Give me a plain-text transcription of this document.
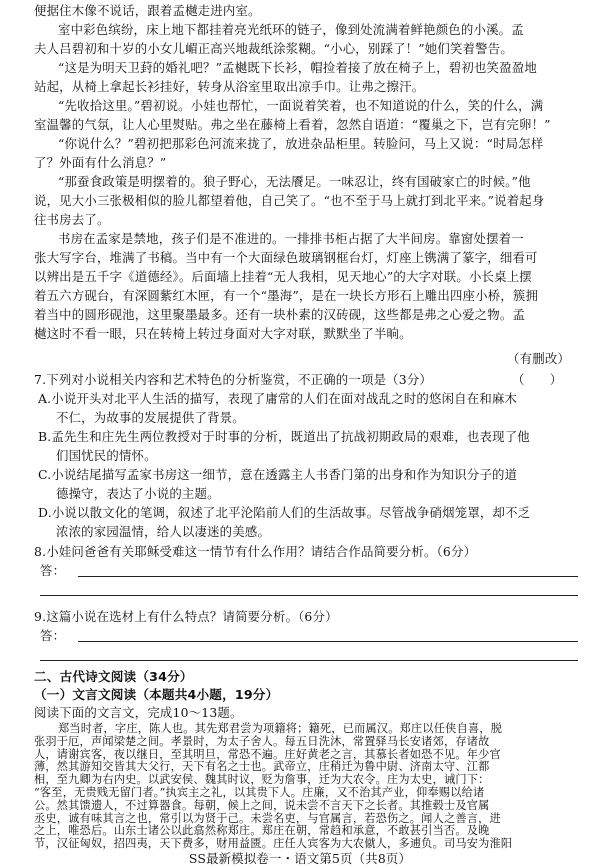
便据住木像不说话，跟着孟樾走进内室。
室中彩色缤纷，床上地下都挂着亮光纸环的链子，像到处流满着鲜艳颜色的小溪。孟
夫人吕碧初和十岁的小女儿嵋正高兴地裁纸涂浆糊。“小心，别踩了！”她们笑着警告。
“这是为明天卫葑的婚礼吧？”孟樾既下长衫，帽捡着接了放在椅子上，碧初也笑盈盈地
站起，从椅上拿起长衫挂好，转身从浴室里取出凉手巾。让弗之擦汗。
“先收拾这里。”碧初说。小娃也帮忙，一面说着笑着，也不知道说的什么，笑的什么，满
室温馨的气氛，让人心里熨贴。弗之坐在藤椅上看着，忽然自语道：“覆巢之下，岂有完卵！”
“你说什么？”碧初把那彩色河流来拢了，放进杂品柜里。转脸问，马上又说：“时局怎样
了？外面有什么消息？”
“那蚕食政策是明摆着的。狼子野心，无法餍足。一味忍让，终有国破家亡的时候。”他
说，见大小三张极相似的脸儿都望着他，自己笑了。“也不至于马上就打到北平来。”说着起身
往书房去了。
书房在孟家是禁地，孩子们是不准进的。一排排书柜占据了大半间房。靠窗处摆着一
张大写字台，堆满了书稿。当中有一个大面绿色玻璃钢框台灯，灯座上镌满了篆字，细看可
以辨出是五千字《道德经》。后面墙上挂着“无人我相，见天地心”的大字对联。小长桌上摆
着五六方砚台，有深圆紫红木匣，有一个“墨海”，是在一块长方形石上雕出四座小桥，簇拥
着当中的圆形砚池，这里聚墨最多。还有一块朴素的汉砖砚，这些都是弗之心爱之物。孟
樾这时不看一眼，只在转椅上转过身面对大字对联，默默坐了半晌。
（有删改）
7.下列对小说相关内容和艺术特色的分析鉴赏，不正确的一项是（3分）	（　　）
A.小说开头对北平人生活的描写，表现了庸常的人们在面对战乱之时的悠闲自在和麻木
不仁，为故事的发展提供了背景。
B.孟先生和庄先生两位教授对于时事的分析，既道出了抗战初期政局的艰难，也表现了他
们国忧民的情怀。
C.小说结尾描写孟家书房这一细节，意在透露主人书香门第的出身和作为知识分子的道
德操守，表达了小说的主题。
D.小说以散文化的笔调，叙述了北平沦陷前人们的生活故事。尽管战争硝烟笼罩，却不乏
浓浓的家园温情，给人以凄迷的美感。
8.小娃问爸爸有关耶稣受难这一情节有什么作用？请结合作品简要分析。（6分）
答：
9.这篇小说在选材上有什么特点？请简要分析。（6分）
答：
二、古代诗文阅读（34分）
（一）文言文阅读（本题共4小题，19分）
阅读下面的文言文，完成10～13题。
郑当时者，字庄，陈人也。其先郑君尝为项籍将；籍死，已而属汉。郑庄以任侠自喜，脱
张羽于厄，声闻梁楚之间。孝景时，为太子舍人。每五日洗沐，常置驿马长安诸郊，存诸故
人，请谢宾客，夜以继日，至其明旦，常恐不遍。庄好黄老之言，其慕长者如恐不见。年少官
薄，然其游知交皆其大父行，天下有名之士也。武帝立，庄稍迁为鲁中尉、济南太守、江都
相，至九卿为右内史。以武安侯、魏其时议，贬为詹事，迁为大农令。庄为太史，诫门下：
“客至，无贵贱无留门者。”执宾主之礼，以其贵下人。庄廉，又不治其产业，仰奉赐以给诸
公。然其馈遗人，不过算器食。每朝，候上之间，说未尝不言天下之长者。其推毂士及官属
SS最新模拟卷一・语文第5页（共8页）
丞史，诚有味其言之也，常引以为贤于己。未尝名吏，与官属言，若恐伤之。闻人之善言，进
之上，唯恐后。山东士诸公以此翕然称郑庄。郑庄在朝，常趋和承意，不敢甚引当否。及晚
节，汉征匈奴，招四夷，天下费多，财用益匮。庄任人宾客为大农僦人，多逋负。司马安为淮阳
